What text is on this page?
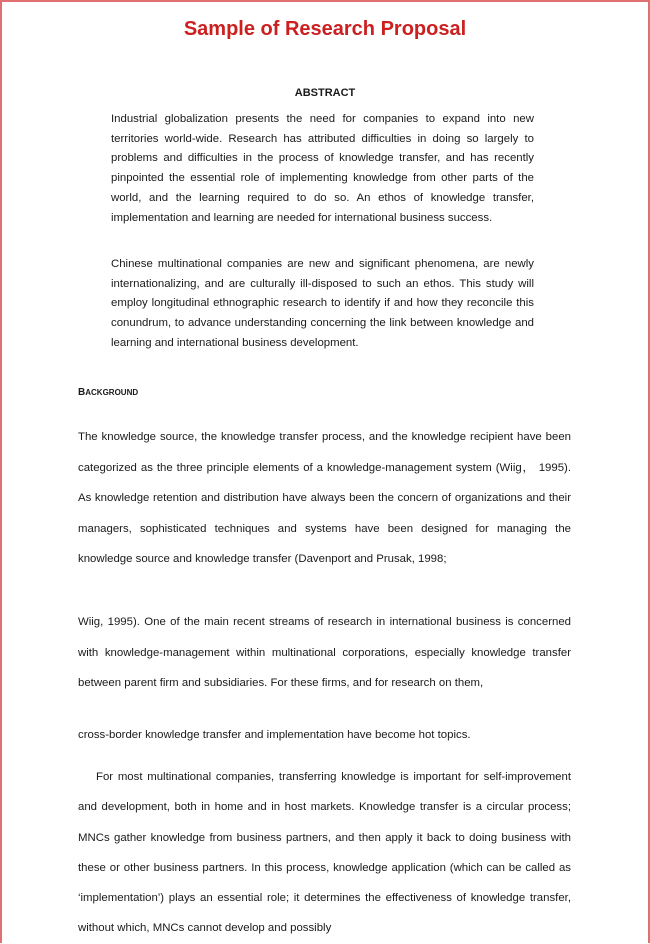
Sample of Research Proposal
ABSTRACT

Industrial globalization presents the need for companies to expand into new territories world-wide. Research has attributed difficulties in doing so largely to problems and difficulties in the process of knowledge transfer, and has recently pinpointed the essential role of implementing knowledge from other parts of the world, and the learning required to do so. An ethos of knowledge transfer, implementation and learning are needed for international business success.

Chinese multinational companies are new and significant phenomena, are newly internationalizing, and are culturally ill-disposed to such an ethos. This study will employ longitudinal ethnographic research to identify if and how they reconcile this conundrum, to advance understanding concerning the link between knowledge and learning and international business development.

BACKGROUND

The knowledge source, the knowledge transfer process, and the knowledge recipient have been categorized as the three principle elements of a knowledge-management system (Wiig， 1995). As knowledge retention and distribution have always been the concern of organizations and their managers, sophisticated techniques and systems have been designed for managing the knowledge source and knowledge transfer (Davenport and Prusak, 1998;

Wiig, 1995). One of the main recent streams of research in international business is concerned with knowledge-management within multinational corporations, especially knowledge transfer between parent firm and subsidiaries. For these firms, and for research on them,

cross-border knowledge transfer and implementation have become hot topics.

For most multinational companies, transferring knowledge is important for self-improvement and development, both in home and in host markets. Knowledge transfer is a circular process; MNCs gather knowledge from business partners, and then apply it back to doing business with these or other business partners. In this process, knowledge application (which can be called as ‘implementation’) plays an essential role; it determines the effectiveness of knowledge transfer, without which, MNCs cannot develop and possibly
